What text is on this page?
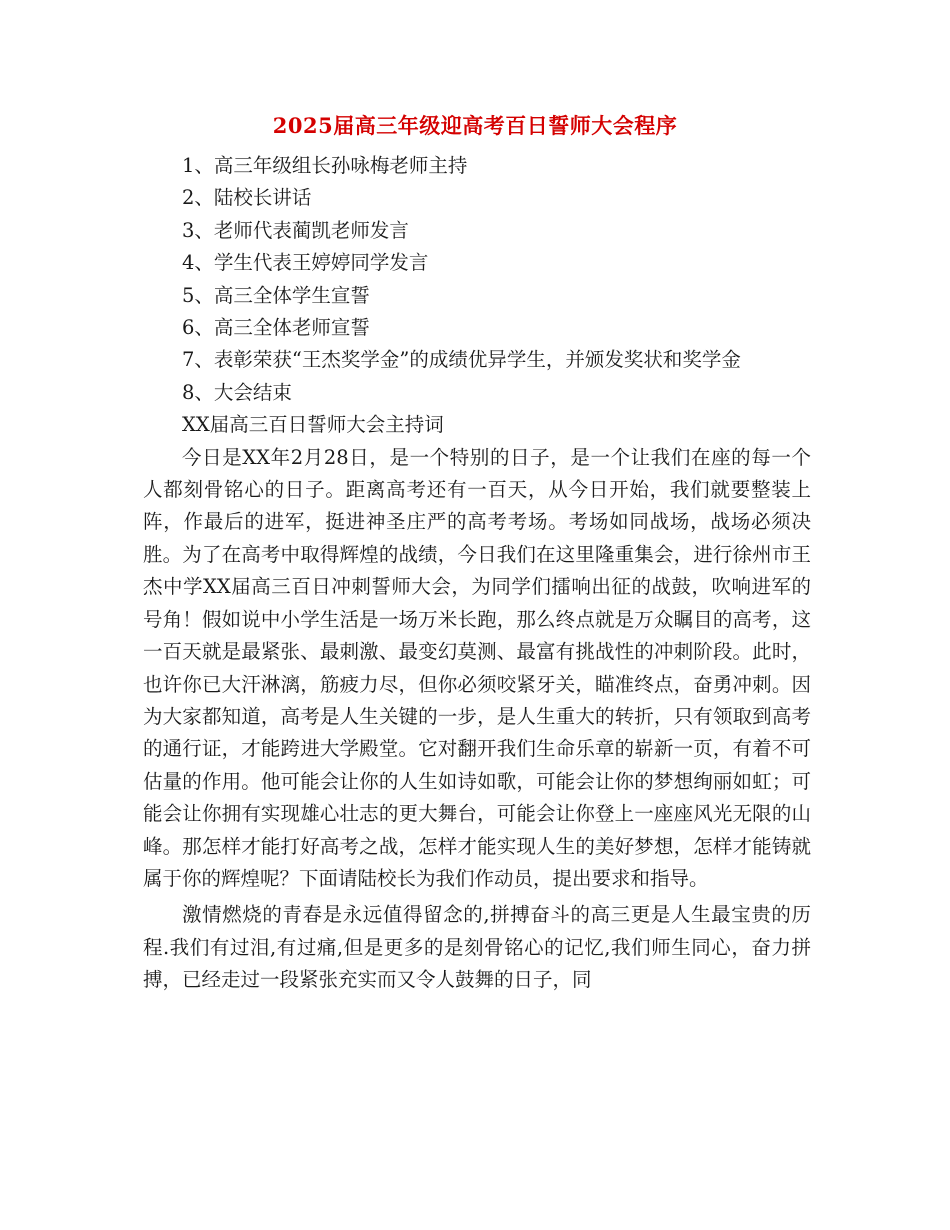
2025届高三年级迎高考百日誓师大会程序

1、高三年级组长孙咏梅老师主持

2、陆校长讲话

3、老师代表蔺凯老师发言

4、学生代表王婷婷同学发言

5、高三全体学生宣誓

6、高三全体老师宣誓

7、表彰荣获“王杰奖学金”的成绩优异学生，并颁发奖状和奖学金

8、大会结束

XX届高三百日誓师大会主持词

今日是XX年2月28日，是一个特别的日子，是一个让我们在座的每一个人都刻骨铭心的日子。距离高考还有一百天，从今日开始，我们就要整装上阵，作最后的进军，挺进神圣庄严的高考考场。考场如同战场，战场必须决胜。为了在高考中取得辉煌的战绩，今日我们在这里隆重集会，进行徐州市王杰中学XX届高三百日冲刺誓师大会，为同学们擂响出征的战鼓，吹响进军的号角！假如说中小学生活是一场万米长跑，那么终点就是万众瞩目的高考，这一百天就是最紧张、最刺激、最变幻莫测、最富有挑战性的冲刺阶段。此时，也许你已大汗淋漓，筋疲力尽，但你必须咬紧牙关，瞄准终点，奋勇冲刺。因为大家都知道，高考是人生关键的一步，是人生重大的转折，只有领取到高考的通行证，才能跨进大学殿堂。它对翻开我们生命乐章的崭新一页，有着不可估量的作用。他可能会让你的人生如诗如歌，可能会让你的梦想绚丽如虹；可能会让你拥有实现雄心壮志的更大舞台，可能会让你登上一座座风光无限的山峰。那怎样才能打好高考之战，怎样才能实现人生的美好梦想，怎样才能铸就属于你的辉煌呢？下面请陆校长为我们作动员，提出要求和指导。

激情燃烧的青春是永远值得留念的,拼搏奋斗的高三更是人生最宝贵的历程.我们有过泪,有过痛,但是更多的是刻骨铭心的记忆,我们师生同心，奋力拼搏，已经走过一段紧张充实而又令人鼓舞的日子，同
